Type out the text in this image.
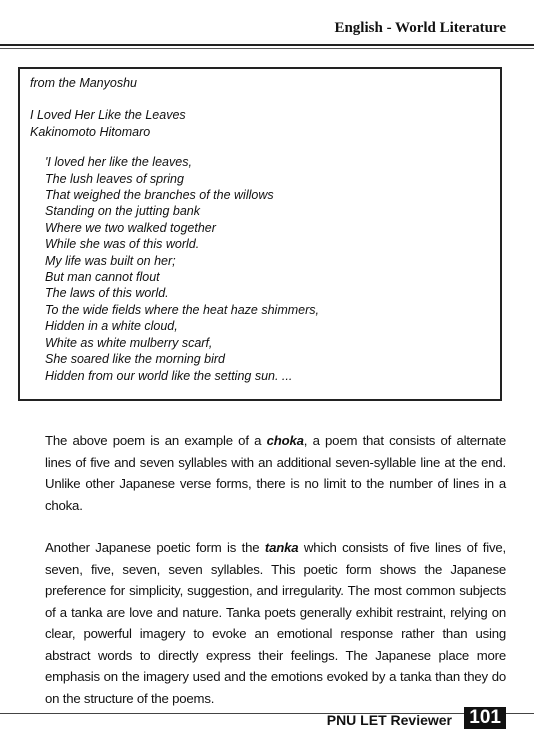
English - World Literature
from the Manyoshu
I Loved Her Like the Leaves
Kakinomoto Hitomaro
'I loved her like the leaves,
The lush leaves of spring
That weighed the branches of the willows
Standing on the jutting bank
Where we two walked together
While she was of this world.
My life was built on her;
But man cannot flout
The laws of this world.
To the wide fields where the heat haze shimmers,
Hidden in a white cloud,
White as white mulberry scarf,
She soared like the morning bird
Hidden from our world like the setting sun. ...

The above poem is an example of a choka, a poem that consists of alternate lines of five and seven syllables with an additional seven-syllable line at the end. Unlike other Japanese verse forms, there is no limit to the number of lines in a choka.

Another Japanese poetic form is the tanka which consists of five lines of five, seven, five, seven, seven syllables. This poetic form shows the Japanese preference for simplicity, suggestion, and irregularity. The most common subjects of a tanka are love and nature. Tanka poets generally exhibit restraint, relying on clear, powerful imagery to evoke an emotional response rather than using abstract words to directly express their feelings. The Japanese place more emphasis on the imagery used and the emotions evoked by a tanka than they do on the structure of the poems.

PNU LET Reviewer 101
